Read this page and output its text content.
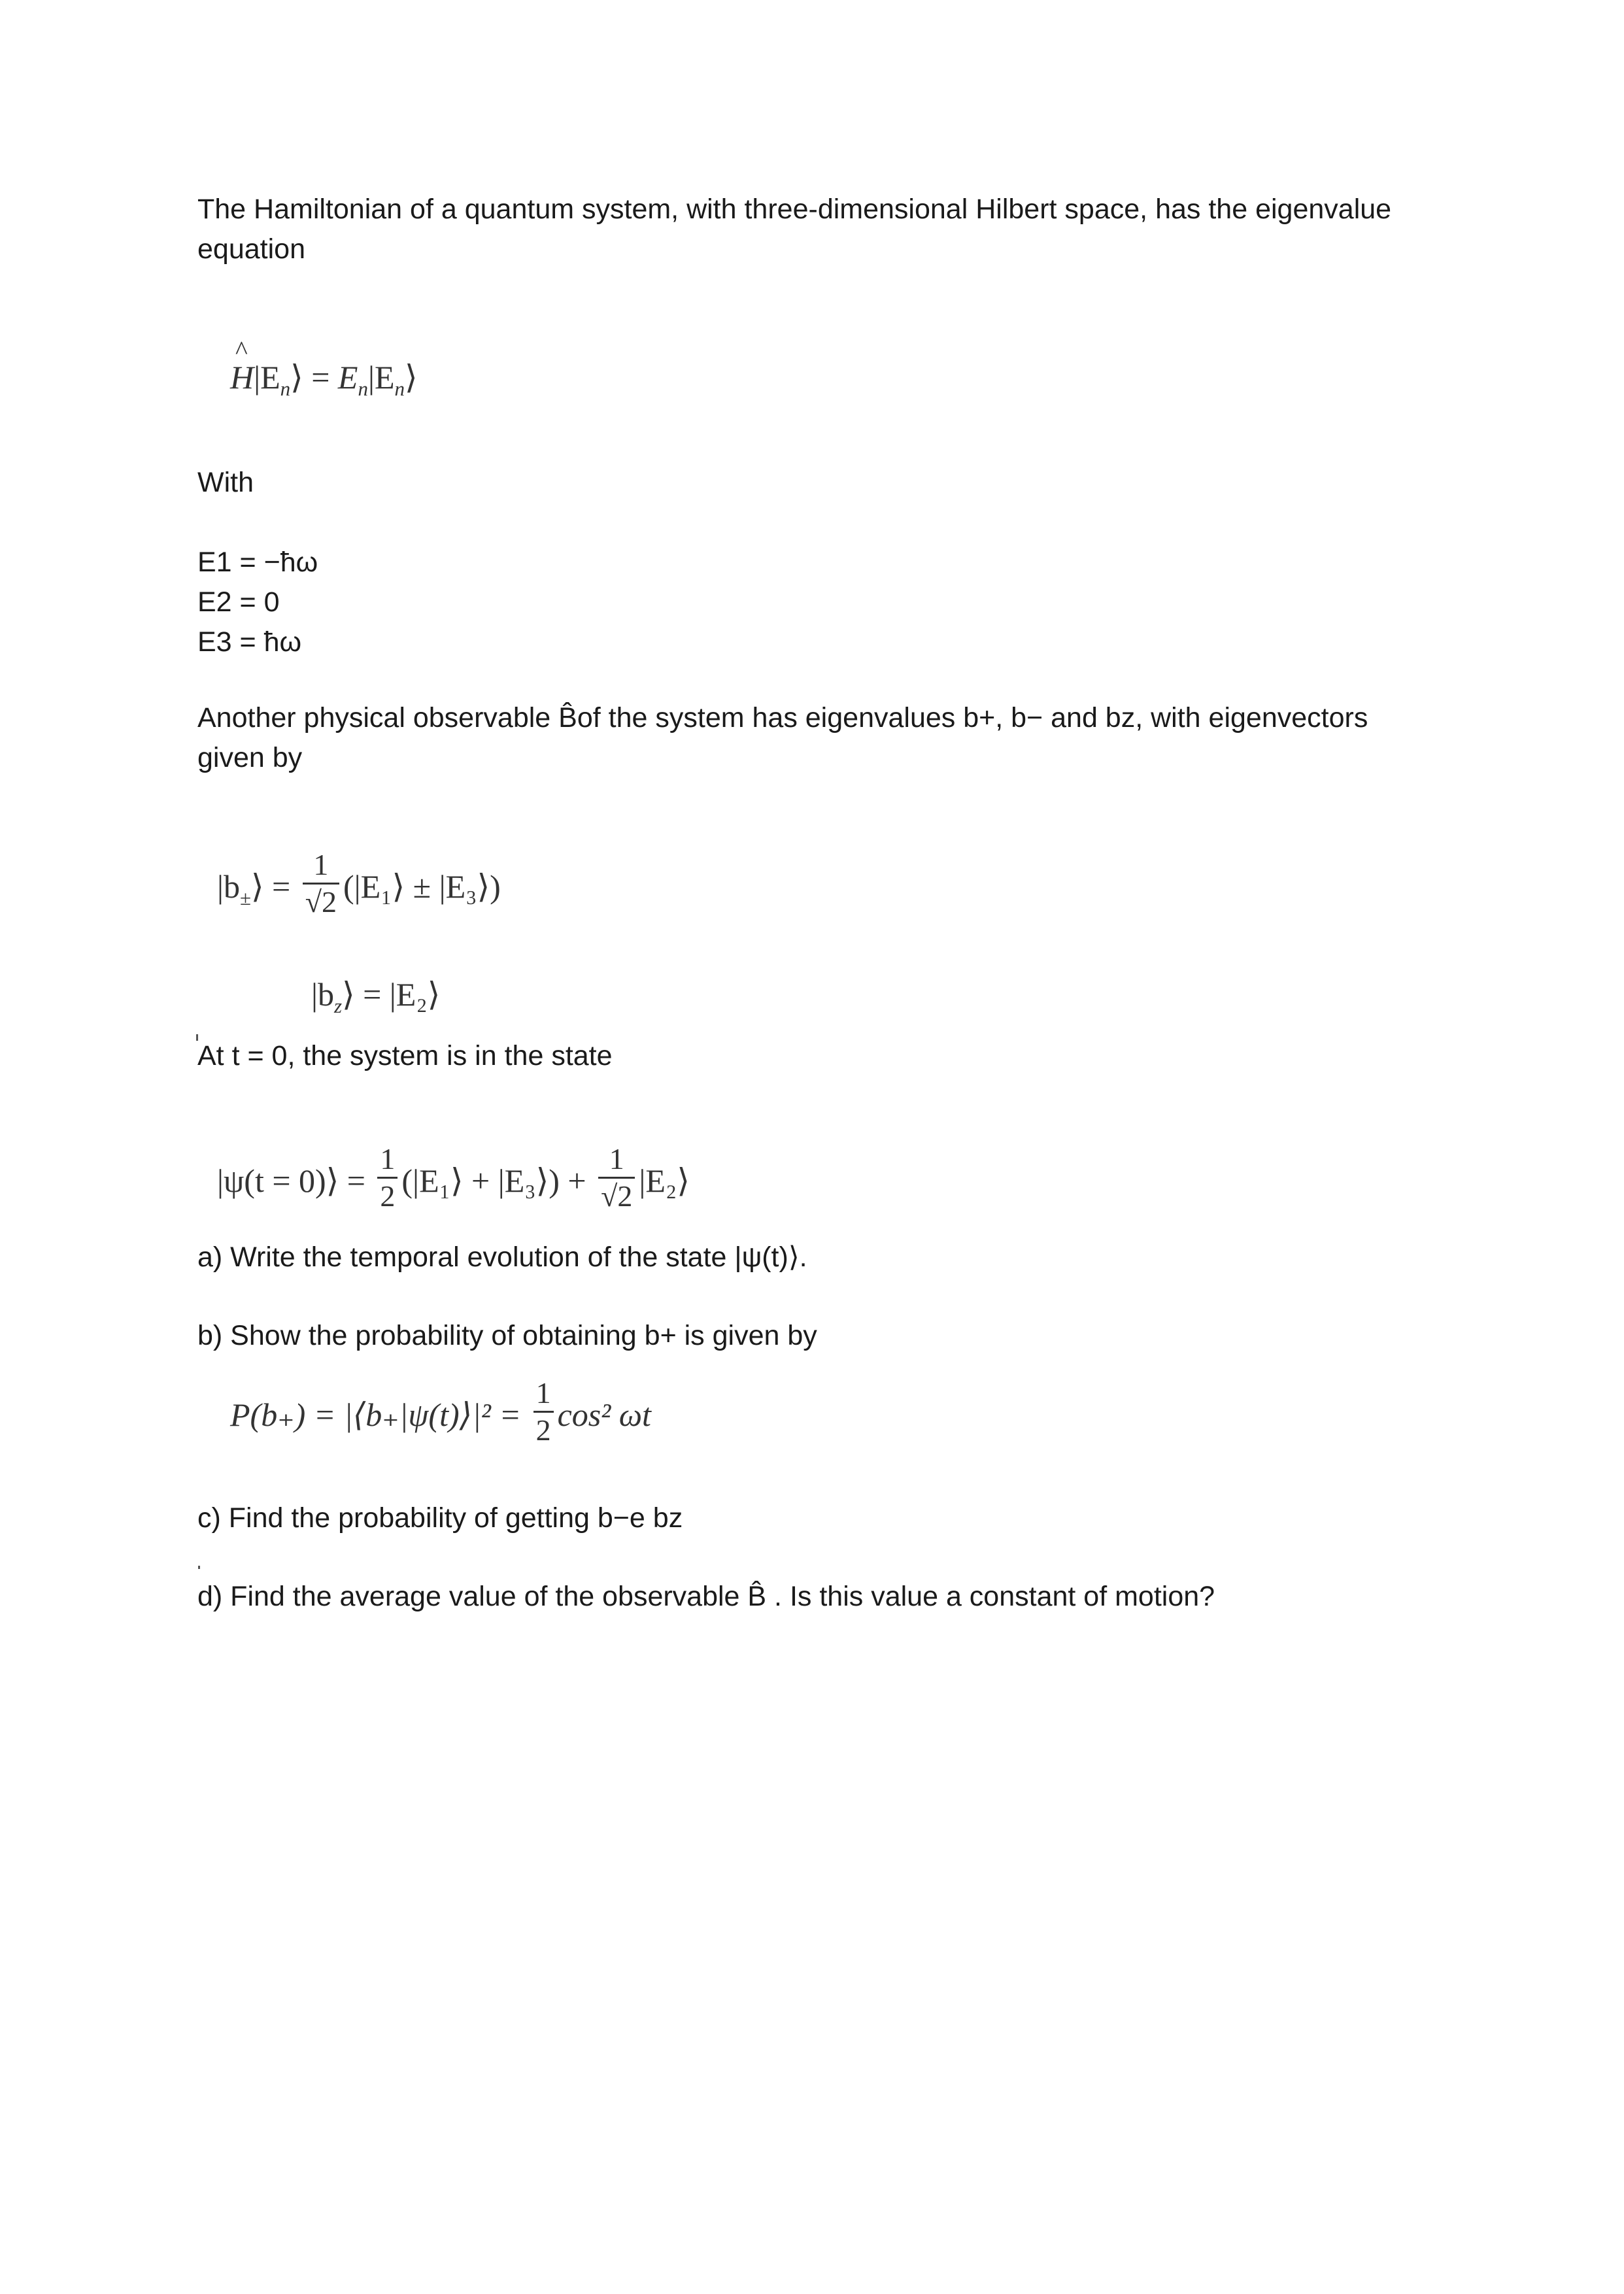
The Hamiltonian of a quantum system, with three-dimensional Hilbert space, has the eigenvalue equation

^ $H|E_n⟩$ = $E_n|E_n⟩$

With

E1 = −ħω
E2 = 0
E3 = ħω

Another physical observable B̂of the system has eigenvalues b+, b− and bz, with eigenvectors given by

$|b_\pm⟩ = \frac{1}{√2}$ (|E₁⟩ ± |E₃⟩)
$|b_z⟩$ = |E₂⟩

At t = 0, the system is in the state

|ψ(t = 0)⟩ = $\frac{1}{2}$ (|E₁⟩ + |E₃⟩) + $\frac{1}{√2}$ |E₂⟩

a) Write the temporal evolution of the state |ψ(t)⟩.

b) Show the probability of obtaining b+ is given by

P(b₊) = |⟨b₊|ψ(t)⟩|² = $\frac{1}{2} \cos^2$ ωt

c) Find the probability of getting b−e bz

d) Find the average value of the observable B̂ . Is this value a constant of motion?
